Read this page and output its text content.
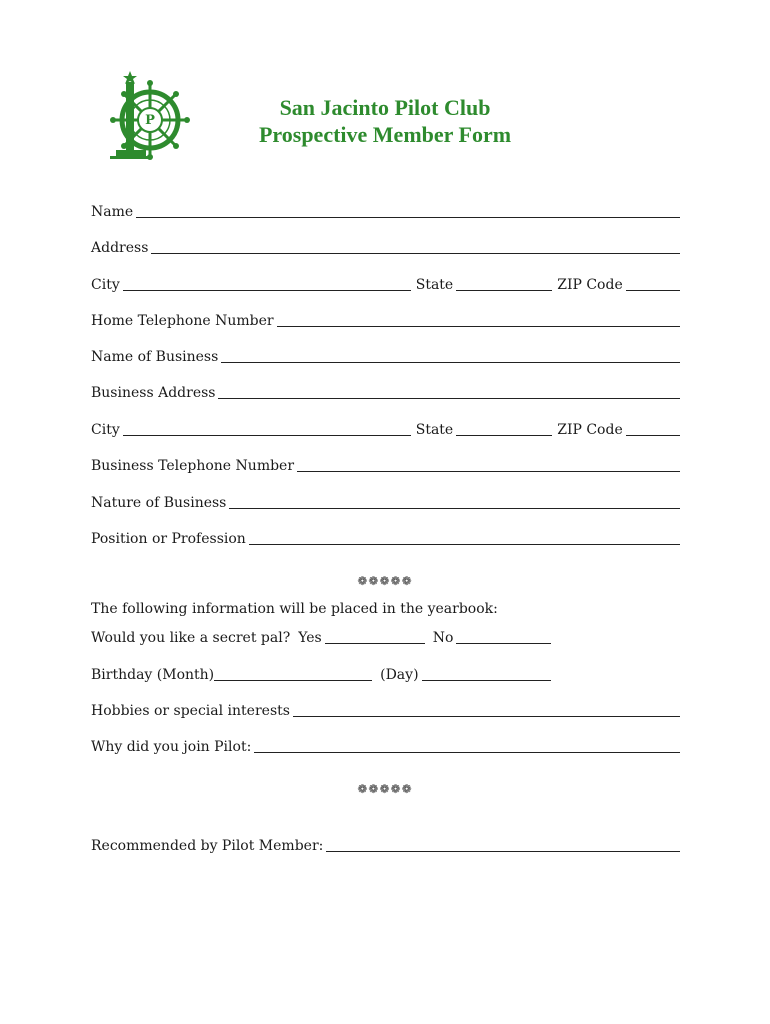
P
San Jacinto Pilot Club
Prospective Member Form
Name
Address
City	State	ZIP Code
Home Telephone Number
Name of Business
Business Address
City	State	ZIP Code
Business Telephone Number
Nature of Business
Position or Profession
❁❁❁❁❁
The following information will be placed in the yearbook:
Would you like a secret pal? Yes	No
Birthday (Month)	(Day)
Hobbies or special interests
Why did you join Pilot:
❁❁❁❁❁
Recommended by Pilot Member:
